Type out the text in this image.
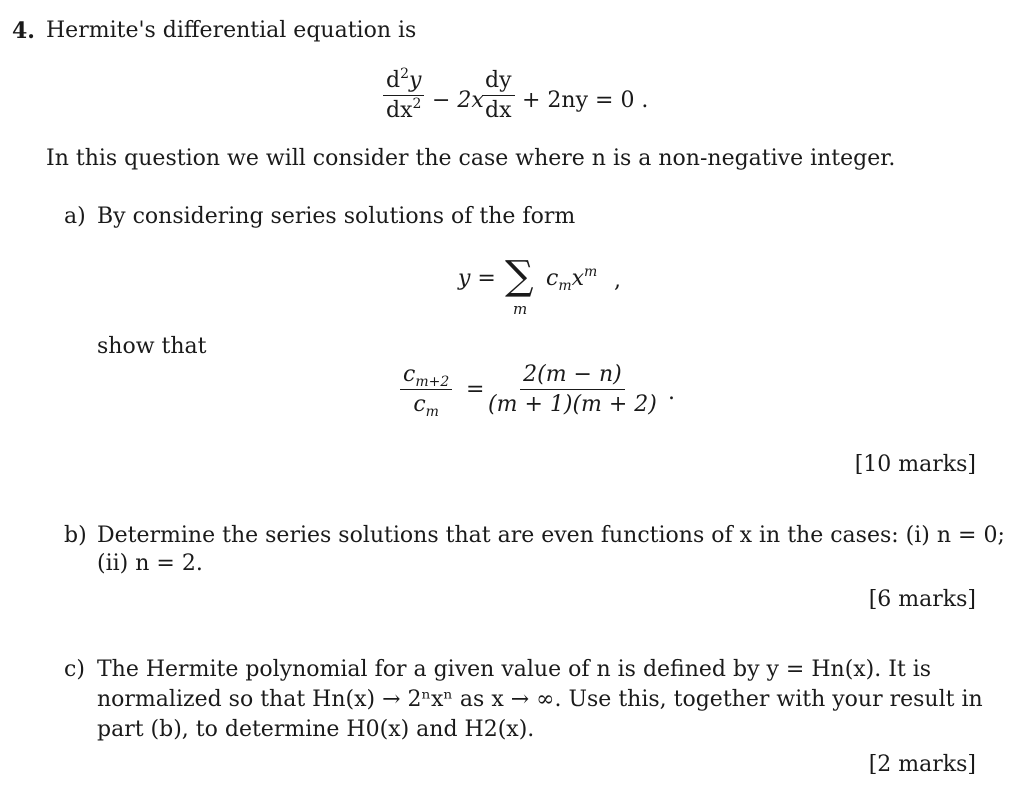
4. Hermite's differential equation is
$\frac{d^2y}{dx^2} - 2x$
$\frac{dy}{dx} + 2ny = 0$ .
In this question we will consider the case where n is a non-negative integer.
a) By considering series solutions of the form
y = ∑
m
$c_mx^m$ ,
show that
$\frac{c_{m+2}}{c_m} = \frac{2(m - n)}{(m + 1)(m + 2)}$ .
[10 marks]
b) Determine the series solutions that are even functions of x in the cases: (i) n = 0;
(ii) n = 2.
[6 marks]
c) The Hermite polynomial for a given value of n is defined by y = Hn(x). It is
normalized so that Hn(x) → 2ⁿxⁿ as x → ∞. Use this, together with your result in
part (b), to determine H0(x) and H2(x).
[2 marks]
